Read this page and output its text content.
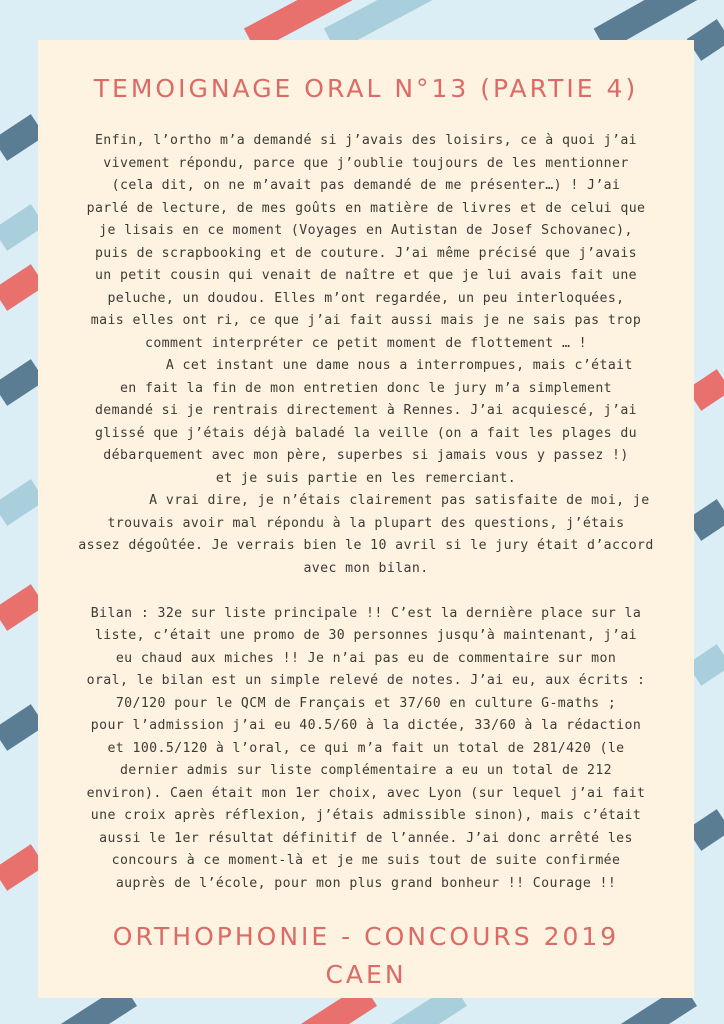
TEMOIGNAGE ORAL N°13 (PARTIE 4)
Enfin, l’ortho m’a demandé si j’avais des loisirs, ce à quoi j’ai
vivement répondu, parce que j’oublie toujours de les mentionner
(cela dit, on ne m’avait pas demandé de me présenter…) ! J’ai
parlé de lecture, de mes goûts en matière de livres et de celui que
je lisais en ce moment (Voyages en Autistan de Josef Schovanec),
puis de scrapbooking et de couture. J’ai même précisé que j’avais
un petit cousin qui venait de naître et que je lui avais fait une
peluche, un doudou. Elles m’ont regardée, un peu interloquées,
mais elles ont ri, ce que j’ai fait aussi mais je ne sais pas trop
comment interpréter ce petit moment de flottement … !
A cet instant une dame nous a interrompues, mais c’était
en fait la fin de mon entretien donc le jury m’a simplement
demandé si je rentrais directement à Rennes. J’ai acquiescé, j’ai
glissé que j’étais déjà baladé la veille (on a fait les plages du
débarquement avec mon père, superbes si jamais vous y passez !)
et je suis partie en les remerciant.
A vrai dire, je n’étais clairement pas satisfaite de moi, je
trouvais avoir mal répondu à la plupart des questions, j’étais
assez dégoûtée. Je verrais bien le 10 avril si le jury était d’accord
avec mon bilan.
Bilan : 32e sur liste principale !! C’est la dernière place sur la
liste, c’était une promo de 30 personnes jusqu’à maintenant, j’ai
eu chaud aux miches !! Je n’ai pas eu de commentaire sur mon
oral, le bilan est un simple relevé de notes. J’ai eu, aux écrits :
70/120 pour le QCM de Français et 37/60 en culture G-maths ;
pour l’admission j’ai eu 40.5/60 à la dictée, 33/60 à la rédaction
et 100.5/120 à l’oral, ce qui m’a fait un total de 281/420 (le
dernier admis sur liste complémentaire a eu un total de 212
environ). Caen était mon 1er choix, avec Lyon (sur lequel j’ai fait
une croix après réflexion, j’étais admissible sinon), mais c’était
aussi le 1er résultat définitif de l’année. J’ai donc arrêté les
concours à ce moment-là et je me suis tout de suite confirmée
auprès de l’école, pour mon plus grand bonheur !! Courage !!
ORTHOPHONIE - CONCOURS 2019
CAEN
